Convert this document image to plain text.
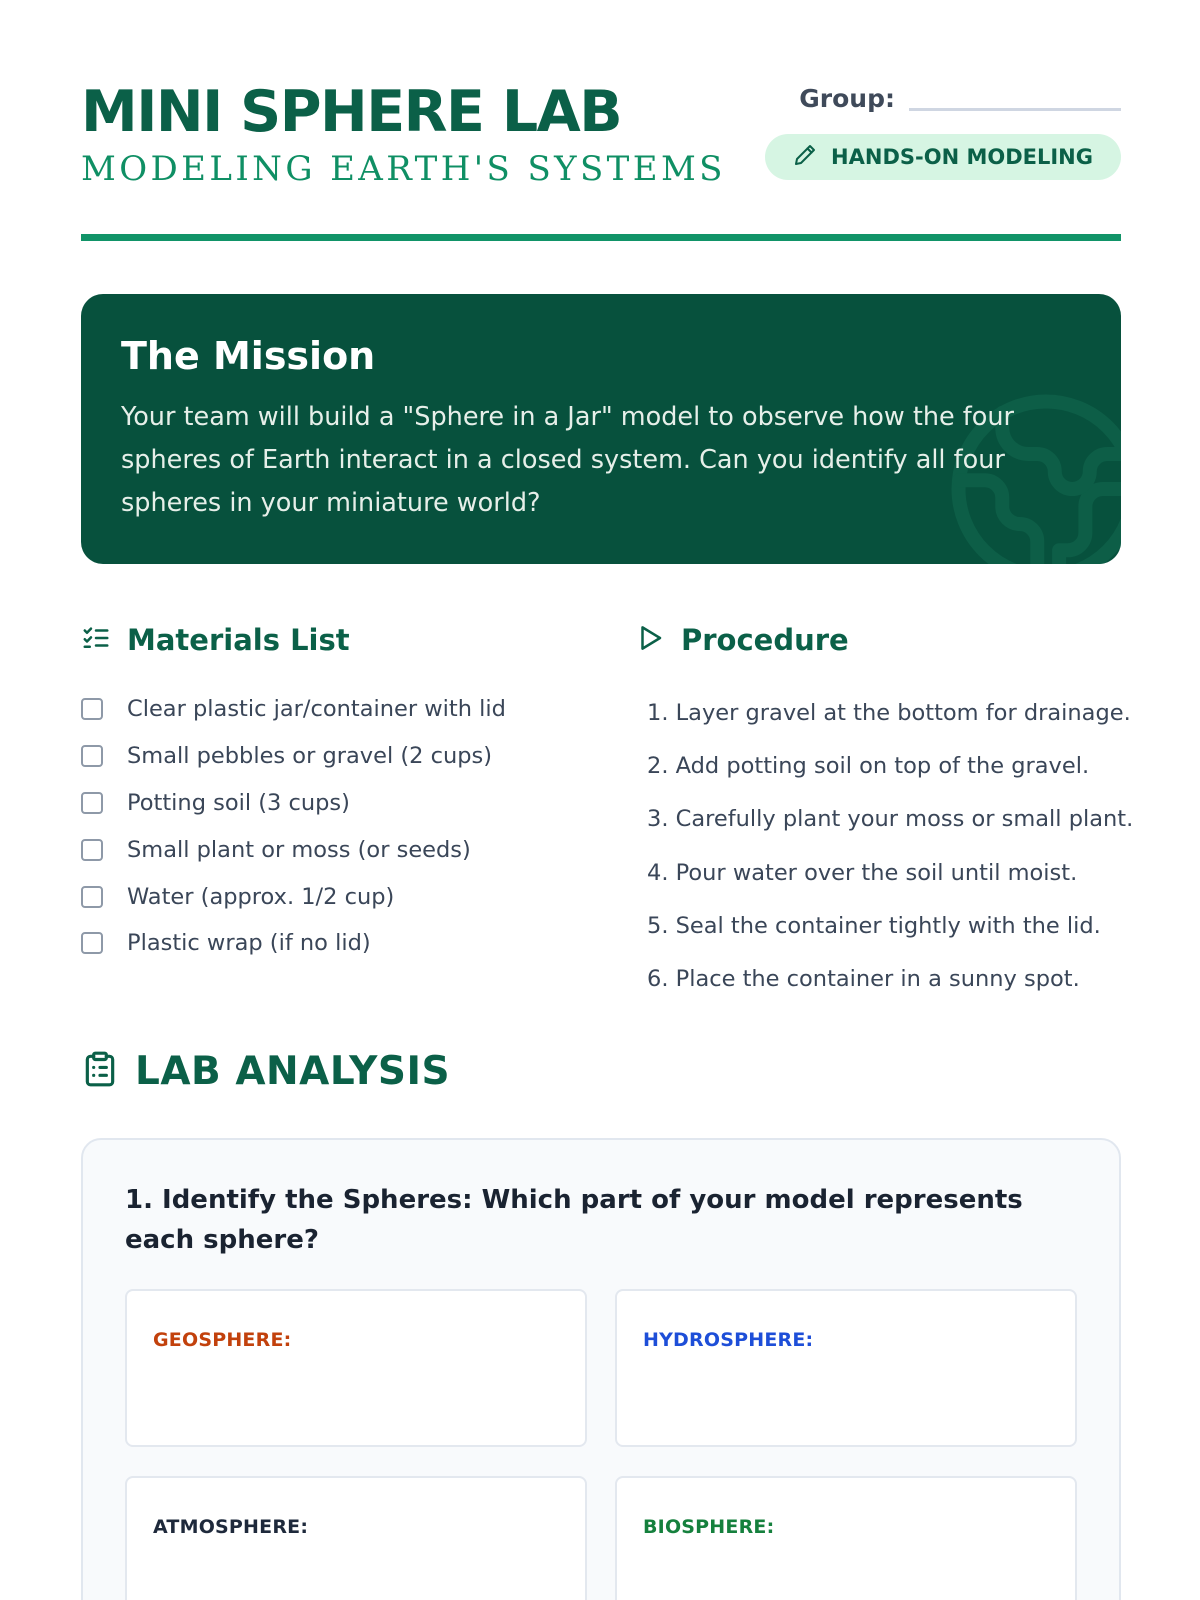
MINI SPHERE LAB
MODELING EARTH'S SYSTEMS
Group:
HANDS-ON MODELING
The Mission
Your team will build a "Sphere in a Jar" model to observe how the four spheres of Earth interact in a closed system. Can you identify all four spheres in your miniature world?
Materials List
Clear plastic jar/container with lid
Small pebbles or gravel (2 cups)
Potting soil (3 cups)
Small plant or moss (or seeds)
Water (approx. 1/2 cup)
Plastic wrap (if no lid)
Procedure
1. Layer gravel at the bottom for drainage.
2. Add potting soil on top of the gravel.
3. Carefully plant your moss or small plant.
4. Pour water over the soil until moist.
5. Seal the container tightly with the lid.
6. Place the container in a sunny spot.
LAB ANALYSIS
1. Identify the Spheres: Which part of your model represents each sphere?
GEOSPHERE:	HYDROSPHERE:
ATMOSPHERE:	BIOSPHERE:
